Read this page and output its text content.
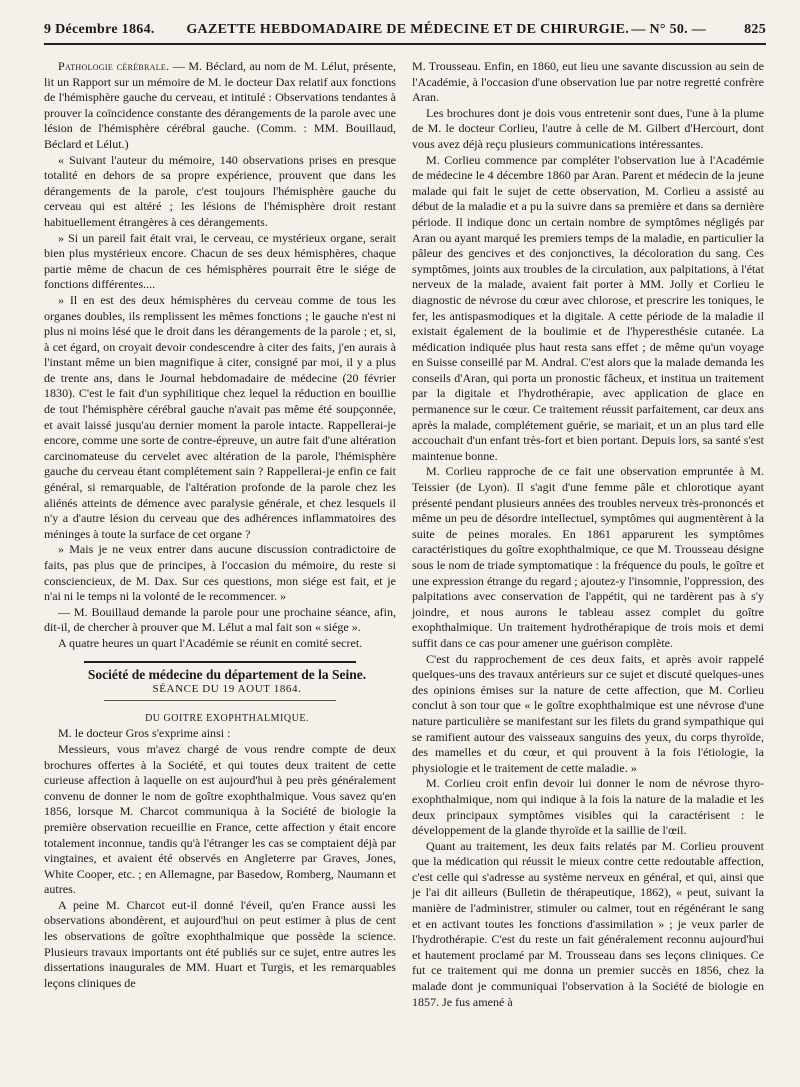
9 Décembre 1864.	GAZETTE HEBDOMADAIRE DE MÉDECINE ET DE CHIRURGIE. — N° 50. —	825

Pathologie cérébrale. — M. Béclard, au nom de M. Lélut, présente, lit un Rapport sur un mémoire de M. le docteur Dax relatif aux fonctions de l'hémisphère gauche du cerveau, et intitulé : Observations tendantes à prouver la coïncidence constante des dérangements de la parole avec une lésion de l'hémisphère cérébral gauche. (Comm. : MM. Bouillaud, Béclard et Lélut.)

« Suivant l'auteur du mémoire, 140 observations prises en presque totalité en dehors de sa propre expérience, prouvent que dans les dérangements de la parole, c'est toujours l'hémisphère gauche du cerveau qui est altéré ; les lésions de l'hémisphère droit restant habituellement étrangères à ces dérangements.

» Si un pareil fait était vrai, le cerveau, ce mystérieux organe, serait bien plus mystérieux encore. Chacun de ses deux hémisphères, chaque partie même de chacun de ces hémisphères pourrait être le siége de fonctions différentes....

» Il en est des deux hémisphères du cerveau comme de tous les organes doubles, ils remplissent les mêmes fonctions ; le gauche n'est ni plus ni moins lésé que le droit dans les dérangements de la parole ; et, si, à cet égard, on croyait devoir condescendre à citer des faits, j'en aurais à l'instant même un bien magnifique à citer, consigné par moi, il y a plus de trente ans, dans le Journal hebdomadaire de médecine (20 février 1830). C'est le fait d'un syphilitique chez lequel la réduction en bouillie de tout l'hémisphère cérébral gauche n'avait pas même été soupçonnée, et avait laissé jusqu'au dernier moment la parole intacte. Rappellerai-je encore, comme une sorte de contre-épreuve, un autre fait d'une altération carcinomateuse du cervelet avec altération de la parole, l'hémisphère gauche du cerveau étant complétement sain ? Rappellerai-je enfin ce fait général, si remarquable, de l'altération profonde de la parole chez les aliénés atteints de démence avec paralysie générale, et chez lesquels il n'y a d'autre lésion du cerveau que des adhérences inflammatoires des méninges à toute la surface de cet organe ?

» Mais je ne veux entrer dans aucune discussion contradictoire de faits, pas plus que de principes, à l'occasion du mémoire, du reste si consciencieux, de M. Dax. Sur ces questions, mon siége est fait, et je n'ai ni le temps ni la volonté de le recommencer. »

— M. Bouillaud demande la parole pour une prochaine séance, afin, dit-il, de chercher à prouver que M. Lélut a mal fait son « siége ».

A quatre heures un quart l'Académie se réunit en comité secret.

Société de médecine du département de la Seine.

SÉANCE DU 19 AOUT 1864.

DU GOITRE EXOPHTHALMIQUE.

M. le docteur Gros s'exprime ainsi :

Messieurs, vous m'avez chargé de vous rendre compte de deux brochures offertes à la Société, et qui toutes deux traitent de cette curieuse affection à laquelle on est aujourd'hui à peu près généralement convenu de donner le nom de goître exophthalmique. Vous savez qu'en 1856, lorsque M. Charcot communiqua à la Société de biologie la première observation recueillie en France, cette affection y était encore totalement inconnue, tandis qu'à l'étranger les cas se comptaient déjà par vingtaines, et avaient été observés en Angleterre par Graves, Jones, White Cooper, etc. ; en Allemagne, par Basedow, Romberg, Naumann et autres.

A peine M. Charcot eut-il donné l'éveil, qu'en France aussi les observations abondèrent, et aujourd'hui on peut estimer à plus de cent les observations de goître exophthalmique que possède la science. Plusieurs travaux importants ont été publiés sur ce sujet, entre autres les dissertations inaugurales de MM. Huart et Turgis, et les remarquables leçons cliniques de

M. Trousseau. Enfin, en 1860, eut lieu une savante discussion au sein de l'Académie, à l'occasion d'une observation lue par notre regretté confrère Aran.

Les brochures dont je dois vous entretenir sont dues, l'une à la plume de M. le docteur Corlieu, l'autre à celle de M. Gilbert d'Hercourt, dont vous avez déjà reçu plusieurs communications intéressantes.

M. Corlieu commence par compléter l'observation lue à l'Académie de médecine le 4 décembre 1860 par Aran. Parent et médecin de la jeune malade qui fait le sujet de cette observation, M. Corlieu a assisté au début de la maladie et a pu la suivre dans sa première et dans sa dernière période. Il indique donc un certain nombre de symptômes négligés par Aran ou ayant marqué les premiers temps de la maladie, en particulier la pâleur des gencives et des conjonctives, la décoloration du sang. Ces symptômes, joints aux troubles de la circulation, aux palpitations, à l'état nerveux de la malade, avaient fait porter à MM. Jolly et Corlieu le diagnostic de névrose du cœur avec chlorose, et prescrire les toniques, le fer, les antispasmodiques et la digitale. A cette période de la maladie il existait également de la boulimie et de l'hyperesthésie cutanée. La médication indiquée plus haut resta sans effet ; de même qu'un voyage en Suisse conseillé par M. Andral. C'est alors que la malade demanda les conseils d'Aran, qui porta un pronostic fâcheux, et institua un traitement par la digitale et l'hydrothérapie, avec application de glace en permanence sur le cœur. Ce traitement réussit parfaitement, car deux ans après la malade, complétement guérie, se mariait, et un an plus tard elle accouchait d'un enfant très-fort et bien portant. Depuis lors, sa santé s'est maintenue bonne.

M. Corlieu rapproche de ce fait une observation empruntée à M. Teissier (de Lyon). Il s'agit d'une femme pâle et chlorotique ayant présenté pendant plusieurs années des troubles nerveux très-prononcés et même un peu de désordre intellectuel, symptômes qui augmentèrent à la suite de peines morales. En 1861 apparurent les symptômes caractéristiques du goître exophthalmique, ce que M. Trousseau désigne sous le nom de triade symptomatique : la fréquence du pouls, le goître et une expression étrange du regard ; ajoutez-y l'insomnie, l'oppression, des palpitations avec conservation de l'appétit, qui ne tardèrent pas à s'y joindre, et nous aurons le tableau assez complet du goître exophthalmique. Un traitement hydrothérapique de trois mois et demi suffit dans ce cas pour amener une guérison complète.

C'est du rapprochement de ces deux faits, et après avoir rappelé quelques-uns des travaux antérieurs sur ce sujet et discuté quelques-unes des opinions émises sur la nature de cette affection, que M. Corlieu conclut à son tour que « le goître exophthalmique est une névrose d'une nature particulière se manifestant sur les filets du grand sympathique qui se ramifient autour des vaisseaux sanguins des yeux, du corps thyroïde, des mamelles et du cœur, et qui prouvent à la fois l'étiologie, la physiologie et le traitement de cette maladie. »

M. Corlieu croit enfin devoir lui donner le nom de névrose thyro-exophthalmique, nom qui indique à la fois la nature de la maladie et les deux principaux symptômes visibles qui la caractérisent : le développement de la glande thyroïde et la saillie de l'œil.

Quant au traitement, les deux faits relatés par M. Corlieu prouvent que la médication qui réussit le mieux contre cette redoutable affection, c'est celle qui s'adresse au système nerveux en général, et qui, ainsi que je l'ai dit ailleurs (Bulletin de thérapeutique, 1862), « peut, suivant la manière de l'administrer, stimuler ou calmer, tout en régénérant le sang et en activant toutes les fonctions d'assimilation » ; je veux parler de l'hydrothérapie. C'est du reste un fait généralement reconnu aujourd'hui et hautement proclamé par M. Trousseau dans ses leçons cliniques. Ce fut ce traitement qui me donna un premier succès en 1856, chez la malade dont je communiquai l'observation à la Société de biologie en 1857. Je fus amené à
